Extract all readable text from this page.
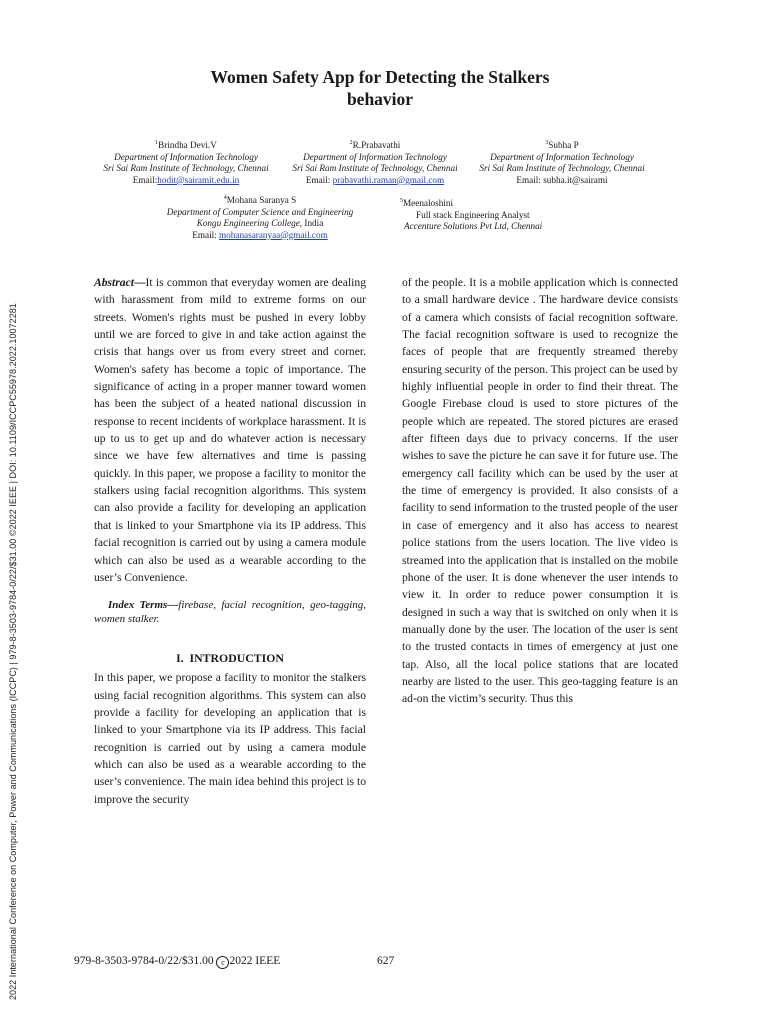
2022 International Conference on Computer, Power and Communications (ICCPC) | 979-8-3503-9784-0/22/$31.00 ©2022 IEEE | DOI: 10.1109/ICCPC55978.2022.10072281
Women Safety App for Detecting the Stalkers
behavior
$^1$Brindha Devi.V
Department of Information Technology
Sri Sai Ram Institute of Technology, Chennai
Email:hodit@sairamit.edu.in
$^2$R.Prabavathi
Department of Information Technology
Sri Sai Ram Institute of Technology, Chennai
Email: prabavathi.raman@gmail.com
$^3$Subha P
Department of Information Technology
Sri Sai Ram Institute of Technology, Chennai
Email: subha.it@sairami
$^4$Mohana Saranya S
Department of Computer Science and Engineering
Kongu Engineering College, India
Email: mohanasaranyaa@gmail.com
$^5$Meenaloshini
Full stack Engineering Analyst
Accenture Solutions Pvt Ltd, Chennai

Abstract—It is common that everyday women are dealing with harassment from mild to extreme forms on our streets. Women's rights must be pushed in every lobby until we are forced to give in and take action against the crisis that hangs over us from every street and corner. Women's safety has become a topic of importance. The significance of acting in a proper manner toward women has been the subject of a heated national discussion in response to recent incidents of workplace harassment. It is up to us to get up and do whatever action is necessary since we have few alternatives and time is passing quickly. In this paper, we propose a facility to monitor the stalkers using facial recognition algorithms. This system can also provide a facility for developing an application that is linked to your Smartphone via its IP address. This facial recognition is carried out by using a camera module which can also be used as a wearable according to the user’s Convenience.

Index Terms—firebase, facial recognition, geo-tagging, women stalker.

I.  INTRODUCTION

In this paper, we propose a facility to monitor the stalkers using facial recognition algorithms. This system can also provide a facility for developing an application that is linked to your Smartphone via its IP address. This facial recognition is carried out by using a camera module which can also be used as a wearable according to the user’s convenience. The main idea behind this project is to improve the security

of the people. It is a mobile application which is connected to a small hardware device . The hardware device consists of a camera which consists of facial recognition software. The facial recognition software is used to recognize the faces of people that are frequently streamed thereby ensuring security of the person. This project can be used by highly influential people in order to find their threat. The Google Firebase cloud is used to store pictures of the people which are repeated. The stored pictures are erased after fifteen days due to privacy concerns. If the user wishes to save the picture he can save it for future use. The emergency call facility which can be used by the user at the time of emergency is provided. It also consists of a facility to send information to the trusted people of the user in case of emergency and it also has access to nearest police stations from the users location. The live video is streamed into the application that is installed on the mobile phone of the user. It is done whenever the user intends to view it. In order to reduce power consumption it is designed in such a way that is switched on only when it is manually done by the user. The location of the user is sent to the trusted contacts in times of emergency at just one tap. Also, all the local police stations that are located nearby are listed to the user. This geo-tagging feature is an ad-on the victim’s security. Thus this

979-8-3503-9784-0/22/$31.00 c 2022 IEEE	627
